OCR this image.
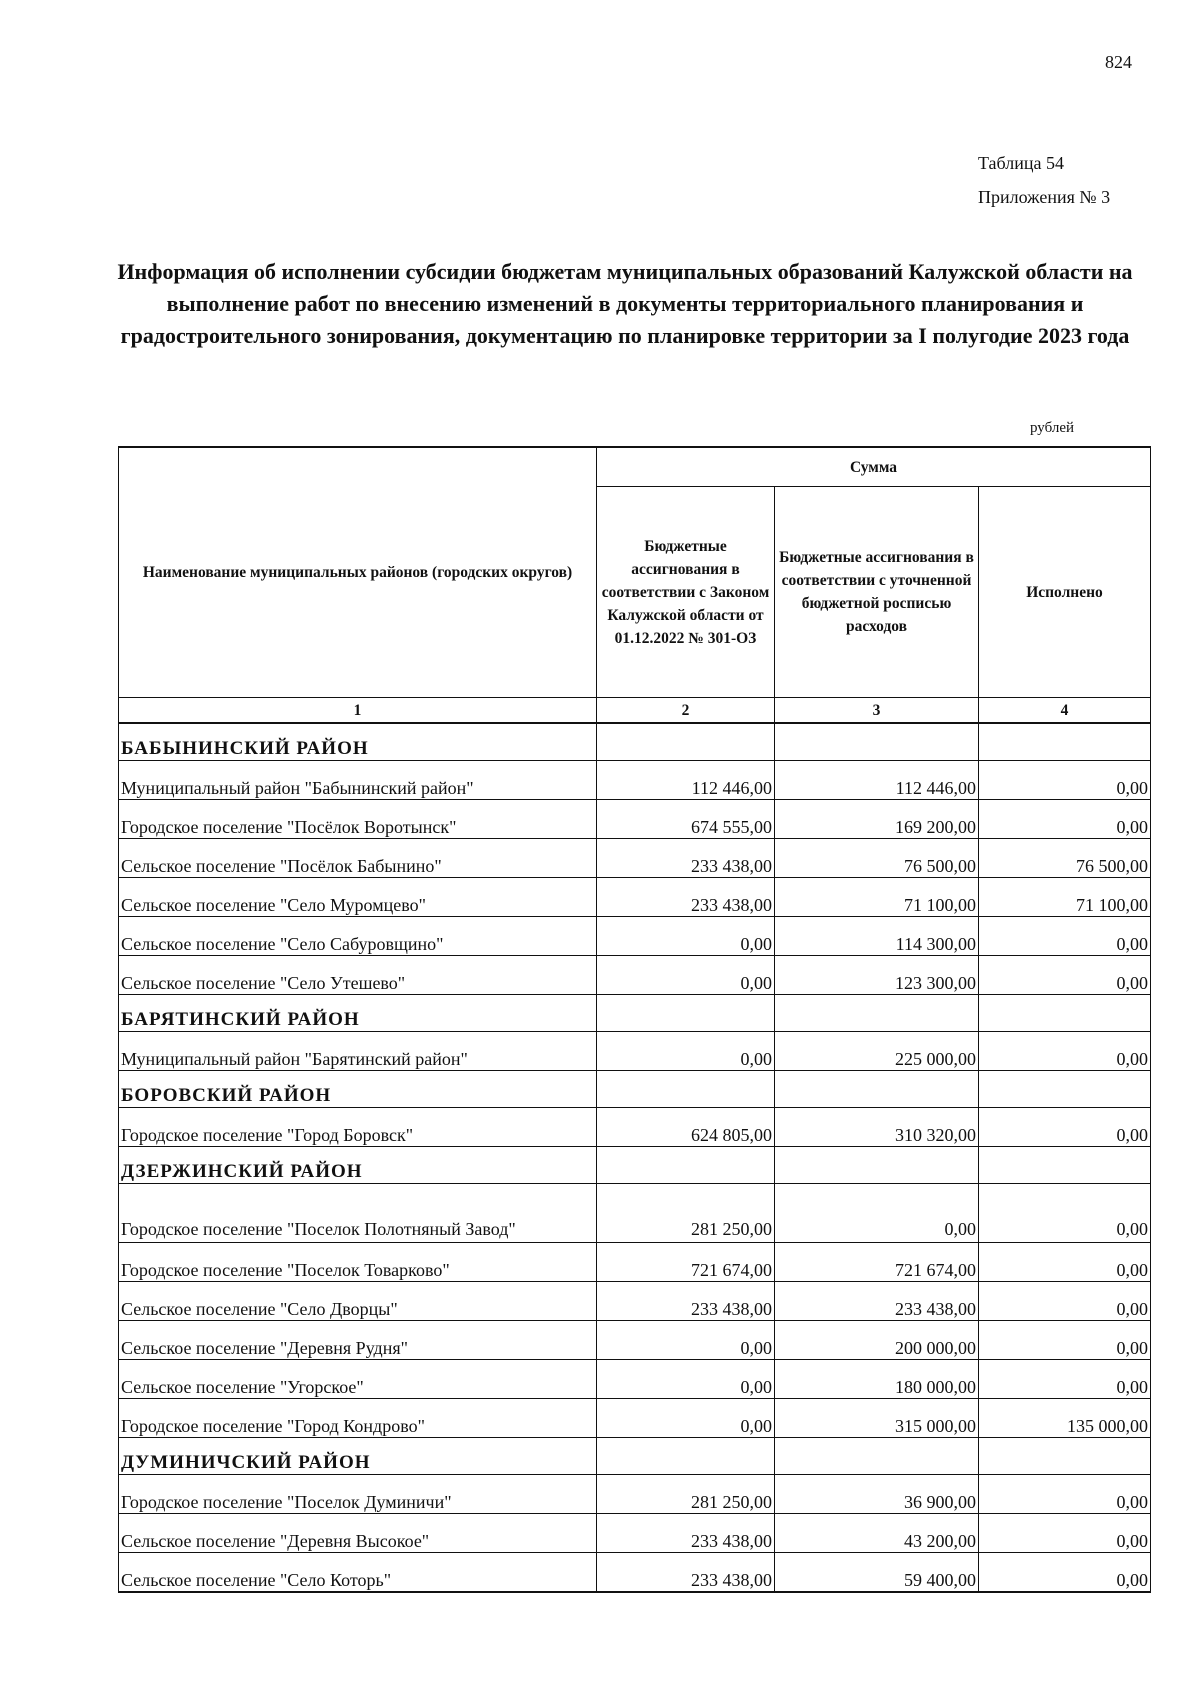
824
Таблица 54
Приложения № 3
Информация об исполнении субсидии бюджетам муниципальных образований Калужской области на выполнение работ по внесению изменений в документы территориального планирования и градостроительного зонирования, документацию по планировке территории за I полугодие 2023 года
рублей
Наименование муниципальных районов (городских округов)	Сумма		
	Бюджетные ассигнования в соответствии с Законом Калужской области от 01.12.2022 № 301-ОЗ	Бюджетные ассигнования в соответствии с уточненной бюджетной росписью расходов	Исполнено
1	2	3	4
БАБЫНИНСКИЙ РАЙОН			
Муниципальный район "Бабынинский район"	112 446,00	112 446,00	0,00
Городское поселение "Посёлок Воротынск"	674 555,00	169 200,00	0,00
Сельское поселение "Посёлок Бабынино"	233 438,00	76 500,00	76 500,00
Сельское поселение "Село Муромцево"	233 438,00	71 100,00	71 100,00
Сельское поселение "Село Сабуровщино"	0,00	114 300,00	0,00
Сельское поселение "Село Утешево"	0,00	123 300,00	0,00
БАРЯТИНСКИЙ РАЙОН			
Муниципальный район "Барятинский район"	0,00	225 000,00	0,00
БОРОВСКИЙ РАЙОН			
Городское поселение "Город Боровск"	624 805,00	310 320,00	0,00
ДЗЕРЖИНСКИЙ РАЙОН			
Городское поселение "Поселок Полотняный Завод"	281 250,00	0,00	0,00
Городское поселение "Поселок Товарково"	721 674,00	721 674,00	0,00
Сельское поселение "Село Дворцы"	233 438,00	233 438,00	0,00
Сельское поселение "Деревня Рудня"	0,00	200 000,00	0,00
Сельское поселение "Угорское"	0,00	180 000,00	0,00
Городское поселение "Город Кондрово"	0,00	315 000,00	135 000,00
ДУМИНИЧСКИЙ РАЙОН			
Городское поселение "Поселок Думиничи"	281 250,00	36 900,00	0,00
Сельское поселение "Деревня Высокое"	233 438,00	43 200,00	0,00
Сельское поселение "Село Которь"	233 438,00	59 400,00	0,00
